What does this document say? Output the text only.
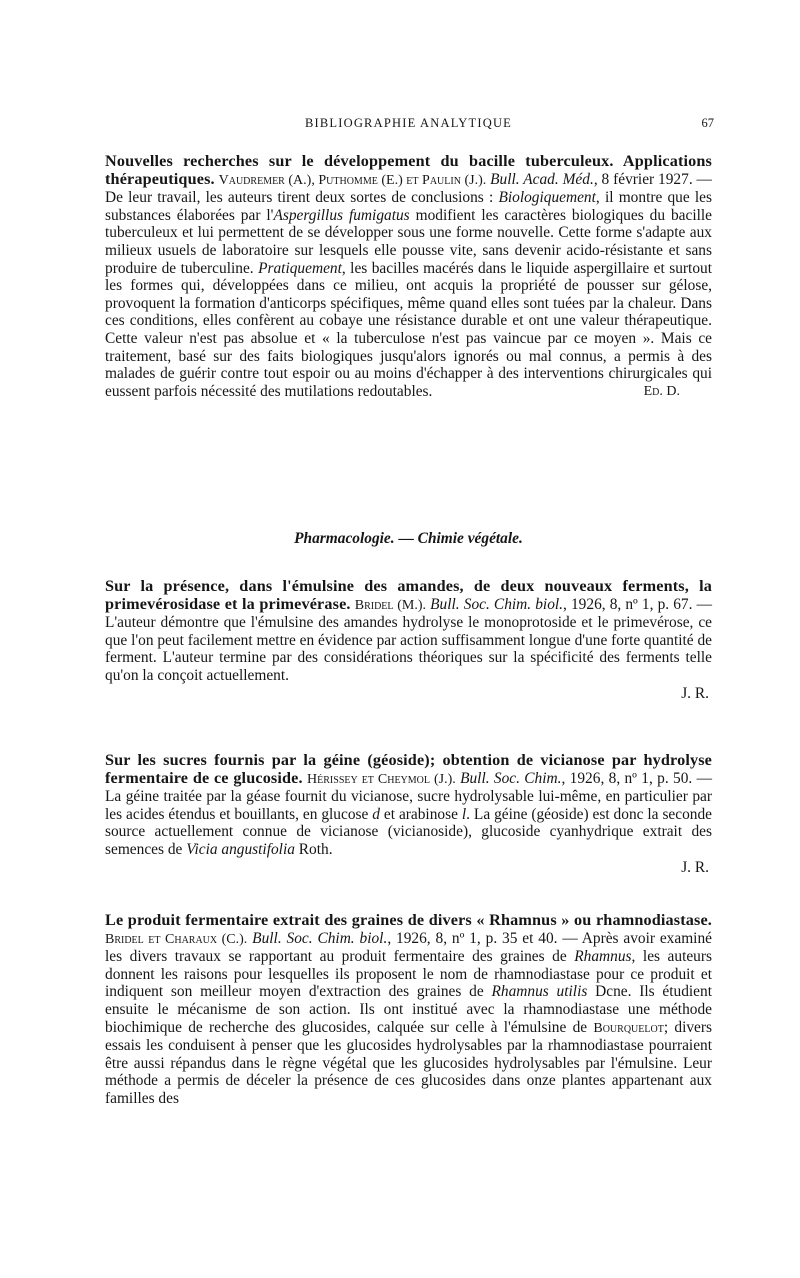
BIBLIOGRAPHIE ANALYTIQUE	67

Nouvelles recherches sur le développement du bacille tuberculeux. Applications thérapeutiques. Vaudremer (A.), Puthomme (E.) et Paulin (J.). Bull. Acad. Méd., 8 février 1927. — De leur travail, les auteurs tirent deux sortes de conclusions : Biologiquement, il montre que les substances élaborées par l'Aspergillus fumigatus modifient les caractères biologiques du bacille tuberculeux et lui permettent de se développer sous une forme nouvelle. Cette forme s'adapte aux milieux usuels de laboratoire sur lesquels elle pousse vite, sans devenir acido-résistante et sans produire de tuberculine. Pratiquement, les bacilles macérés dans le liquide aspergillaire et surtout les formes qui, développées dans ce milieu, ont acquis la propriété de pousser sur gélose, provoquent la formation d'anticorps spécifiques, même quand elles sont tuées par la chaleur. Dans ces conditions, elles confèrent au cobaye une résistance durable et ont une valeur thérapeutique. Cette valeur n'est pas absolue et « la tuberculose n'est pas vaincue par ce moyen ». Mais ce traitement, basé sur des faits biologiques jusqu'alors ignorés ou mal connus, a permis à des malades de guérir contre tout espoir ou au moins d'échapper à des interventions chirurgicales qui eussent parfois nécessité des mutilations redoutables.	Ed. D.

Pharmacologie. — Chimie végétale.

Sur la présence, dans l'émulsine des amandes, de deux nouveaux ferments, la primevérosidase et la primevérase. Bridel (M.). Bull. Soc. Chim. biol., 1926, 8, nº 1, p. 67. — L'auteur démontre que l'émulsine des amandes hydrolyse le monoprotoside et le primevérose, ce que l'on peut facilement mettre en évidence par action suffisamment longue d'une forte quantité de ferment. L'auteur termine par des considérations théoriques sur la spécificité des ferments telle qu'on la conçoit actuellement.

J. R.

Sur les sucres fournis par la géine (géoside); obtention de vicianose par hydrolyse fermentaire de ce glucoside. Hérissey et Cheymol (J.). Bull. Soc. Chim., 1926, 8, nº 1, p. 50. — La géine traitée par la géase fournit du vicianose, sucre hydrolysable lui-même, en particulier par les acides étendus et bouillants, en glucose d et arabinose l. La géine (géoside) est donc la seconde source actuellement connue de vicianose (vicianoside), glucoside cyanhydrique extrait des semences de Vicia angustifolia Roth.

J. R.

Le produit fermentaire extrait des graines de divers « Rhamnus » ou rhamnodiastase. Bridel et Charaux (C.). Bull. Soc. Chim. biol., 1926, 8, nº 1, p. 35 et 40. — Après avoir examiné les divers travaux se rapportant au produit fermentaire des graines de Rhamnus, les auteurs donnent les raisons pour lesquelles ils proposent le nom de rhamnodiastase pour ce produit et indiquent son meilleur moyen d'extraction des graines de Rhamnus utilis Dcne. Ils étudient ensuite le mécanisme de son action. Ils ont institué avec la rhamnodiastase une méthode biochimique de recherche des glucosides, calquée sur celle à l'émulsine de Bourquelot; divers essais les conduisent à penser que les glucosides hydrolysables par la rhamnodiastase pourraient être aussi répandus dans le règne végétal que les glucosides hydrolysables par l'émulsine. Leur méthode a permis de déceler la présence de ces glucosides dans onze plantes appartenant aux familles des
